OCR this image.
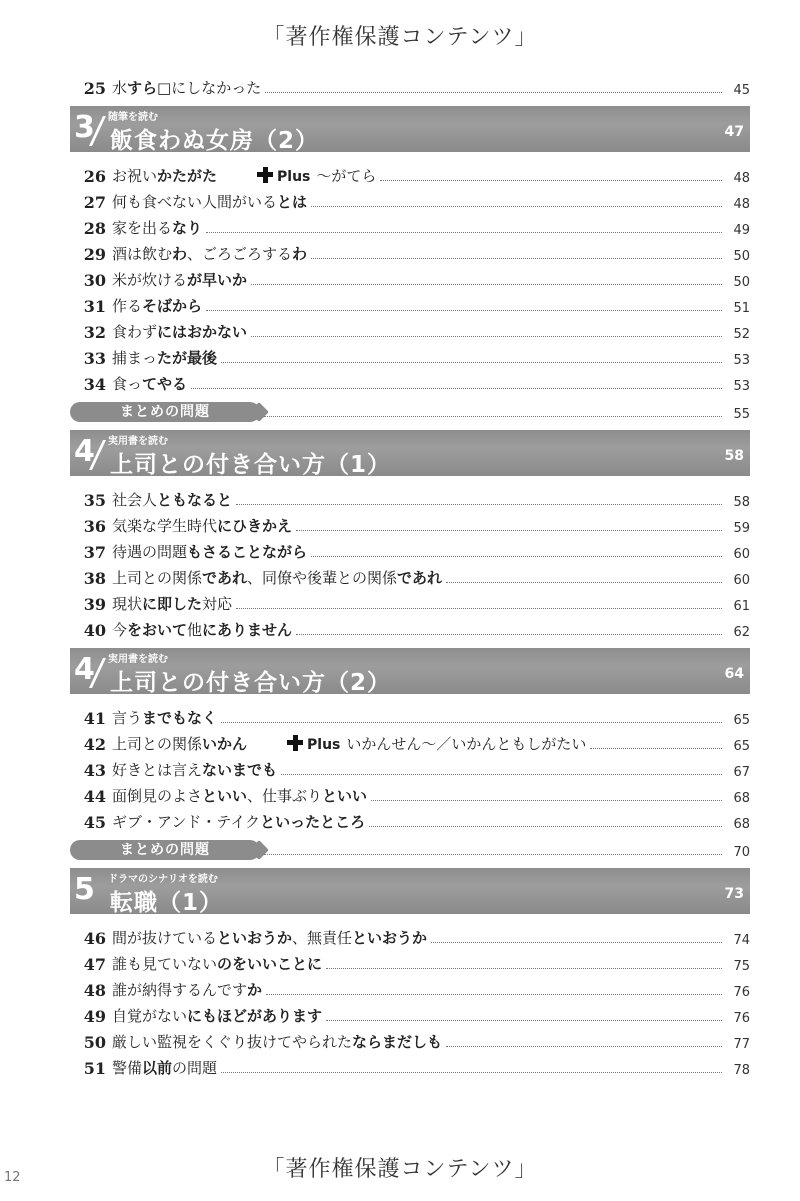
「著作権保護コンテンツ」
25 水すら□にしなかった	45
3 随筆を読む
飯食わぬ女房（2）	47
26 お祝いかたがた	Plus ～がてら	48
27 何も食べない人間がいるとは	48
28 家を出るなり	49
29 酒は飲むわ、ごろごろするわ	50
30 米が炊けるが早いか	50
31 作るそばから	51
32 食わずにはおかない	52
33 捕まったが最後	53
34 食ってやる	53
まとめの問題	55
4 実用書を読む
上司との付き合い方（1）	58
35 社会人ともなると	58
36 気楽な学生時代にひきかえ	59
37 待遇の問題もさることながら	60
38 上司との関係であれ、同僚や後輩との関係であれ	60
39 現状に即した対応	61
40 今をおいて他にありません	62
4 実用書を読む
上司との付き合い方（2）	64
41 言うまでもなく	65
42 上司との関係いかん	Plus いかんせん～／いかんともしがたい	65
43 好きとは言えないまでも	67
44 面倒見のよさといい、仕事ぶりといい	68
45 ギブ・アンド・テイクといったところ	68
まとめの問題	70
5 ドラマのシナリオを読む
転職（1）	73
46 間が抜けているといおうか、無責任といおうか	74
47 誰も見ていないのをいいことに	75
48 誰が納得するんですか	76
49 自覚がないにもほどがあります	76
50 厳しい監視をくぐり抜けてやられたならまだしも	77
51 警備以前の問題	78
「著作権保護コンテンツ」
12
